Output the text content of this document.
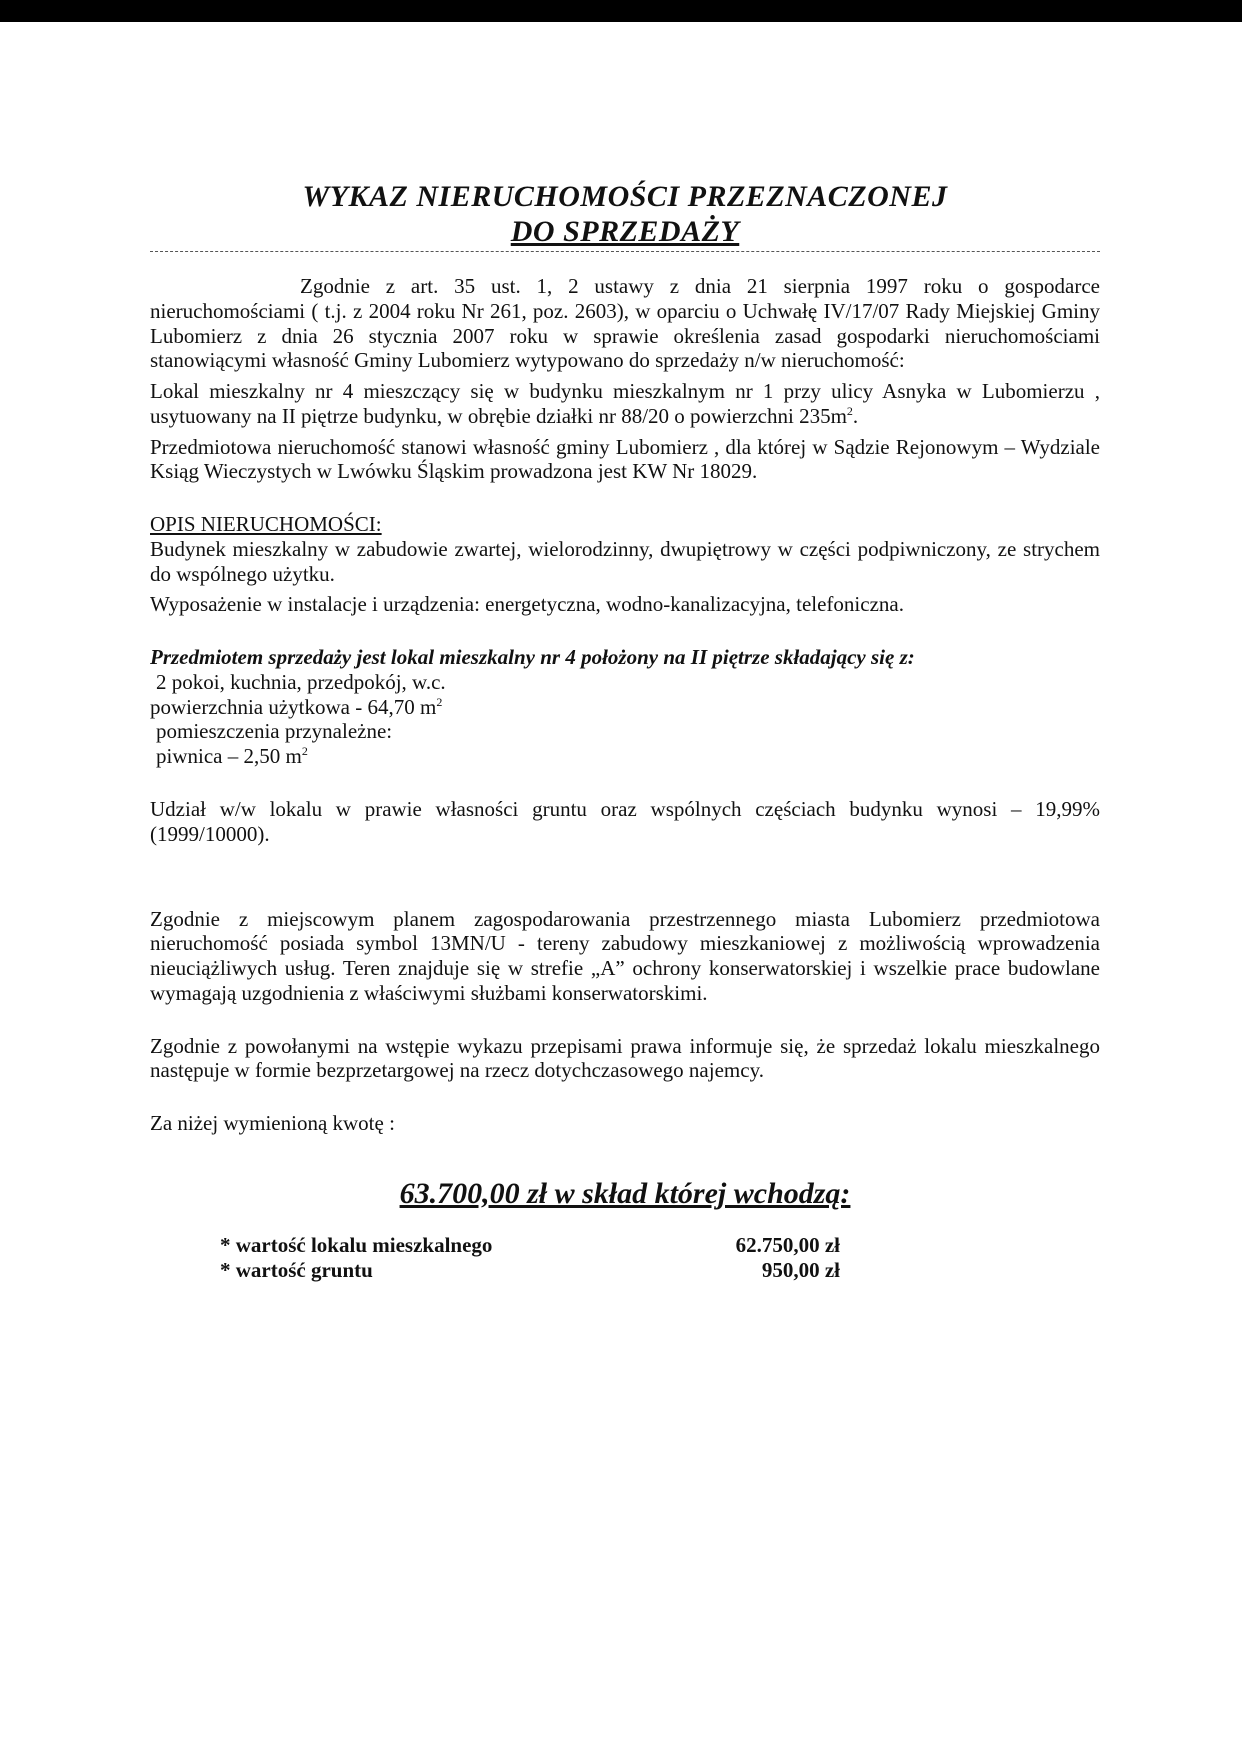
WYKAZ NIERUCHOMOŚCI PRZEZNACZONEJ
DO SPRZEDAŻY

Zgodnie z art. 35 ust. 1, 2 ustawy z dnia 21 sierpnia 1997 roku o gospodarce nieruchomościami ( t.j. z 2004 roku Nr 261, poz. 2603), w oparciu o Uchwałę IV/17/07 Rady Miejskiej Gminy Lubomierz z dnia 26 stycznia 2007 roku w sprawie określenia zasad gospodarki nieruchomościami stanowiącymi własność Gminy Lubomierz wytypowano do sprzedaży n/w nieruchomość:

Lokal mieszkalny nr 4 mieszczący się w budynku mieszkalnym nr 1 przy ulicy Asnyka w Lubomierzu , usytuowany na II piętrze budynku, w obrębie działki nr 88/20 o powierzchni $235m^2$.

Przedmiotowa nieruchomość stanowi własność gminy Lubomierz , dla której w Sądzie Rejonowym – Wydziale Ksiąg Wieczystych w Lwówku Śląskim prowadzona jest KW Nr 18029.

OPIS NIERUCHOMOŚCI:

Budynek mieszkalny w zabudowie zwartej, wielorodzinny, dwupiętrowy w części podpiwniczony, ze strychem do wspólnego użytku.

Wyposażenie w instalacje i urządzenia: energetyczna, wodno-kanalizacyjna, telefoniczna.

Przedmiotem sprzedaży jest lokal mieszkalny nr 4 położony na II piętrze składający się z:

2 pokoi, kuchnia, przedpokój, w.c.
powierzchnia użytkowa - 64,70 $m^2$
pomieszczenia przynależne:
piwnica – 2,50 $m^2$

Udział w/w lokalu w prawie własności gruntu oraz wspólnych częściach budynku wynosi – 19,99% (1999/10000).

Zgodnie z miejscowym planem zagospodarowania przestrzennego miasta Lubomierz przedmiotowa nieruchomość posiada symbol 13MN/U - tereny zabudowy mieszkaniowej z możliwością wprowadzenia nieuciążliwych usług. Teren znajduje się w strefie „A” ochrony konserwatorskiej i wszelkie prace budowlane wymagają uzgodnienia z właściwymi służbami konserwatorskimi.

Zgodnie z powołanymi na wstępie wykazu przepisami prawa informuje się, że sprzedaż lokalu mieszkalnego następuje w formie bezprzetargowej na rzecz dotychczasowego najemcy.

Za niżej wymienioną kwotę :

63.700,00 zł w skład której wchodzą:
* wartość lokalu mieszkalnego	62.750,00 zł
* wartość gruntu	950,00 zł
